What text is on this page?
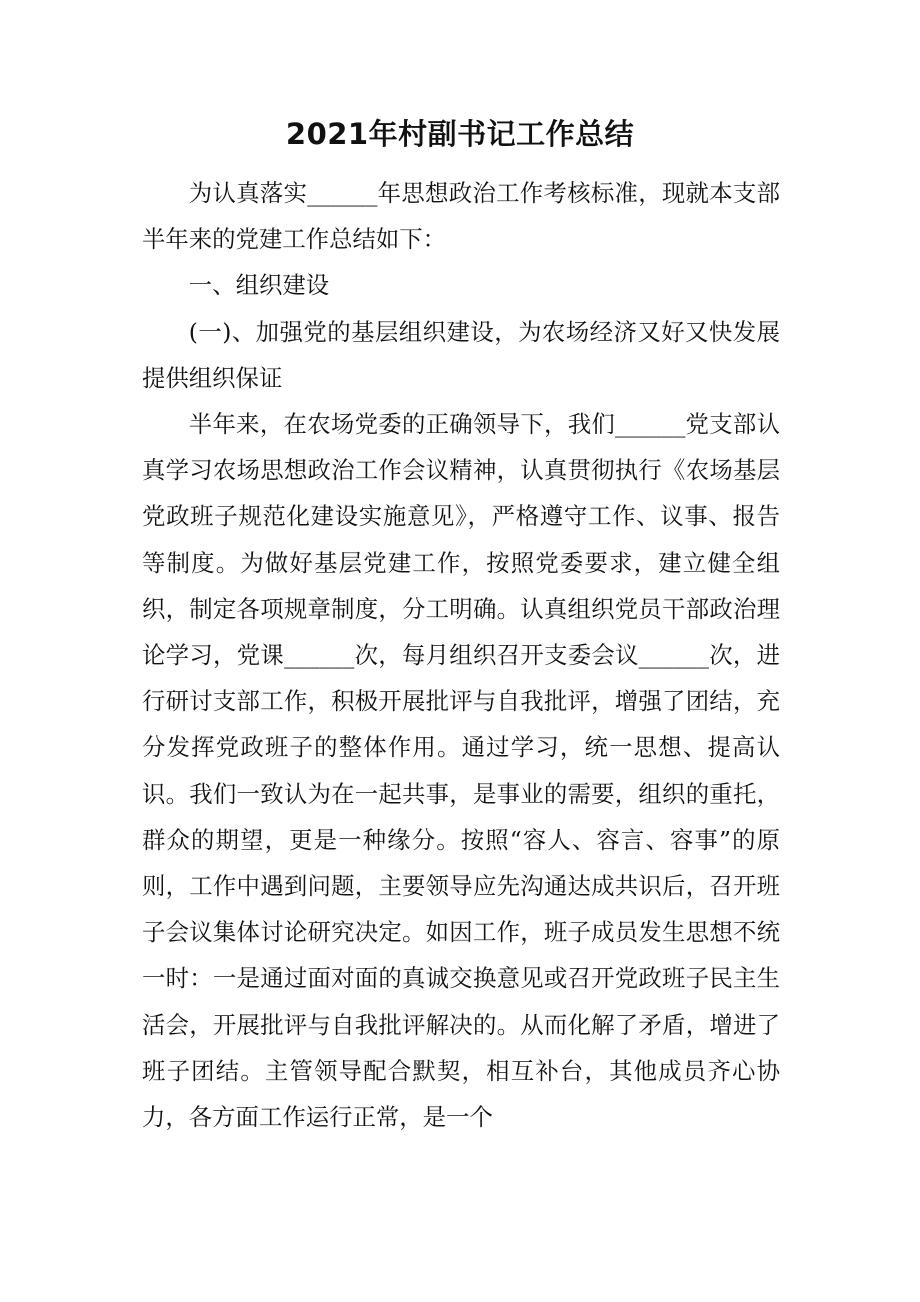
2021年村副书记工作总结

为认真落实______年思想政治工作考核标准，现就本支部半年来的党建工作总结如下：

一、组织建设

(一)、加强党的基层组织建设，为农场经济又好又快发展提供组织保证

半年来，在农场党委的正确领导下，我们______党支部认真学习农场思想政治工作会议精神，认真贯彻执行《农场基层党政班子规范化建设实施意见》，严格遵守工作、议事、报告等制度。为做好基层党建工作，按照党委要求，建立健全组织，制定各项规章制度，分工明确。认真组织党员干部政治理论学习，党课______次，每月组织召开支委会议______次，进行研讨支部工作，积极开展批评与自我批评，增强了团结，充分发挥党政班子的整体作用。通过学习，统一思想、提高认识。我们一致认为在一起共事，是事业的需要，组织的重托，群众的期望，更是一种缘分。按照“容人、容言、容事”的原则，工作中遇到问题，主要领导应先沟通达成共识后，召开班子会议集体讨论研究决定。如因工作，班子成员发生思想不统一时：一是通过面对面的真诚交换意见或召开党政班子民主生活会，开展批评与自我批评解决的。从而化解了矛盾，增进了班子团结。主管领导配合默契，相互补台，其他成员齐心协力，各方面工作运行正常，是一个
